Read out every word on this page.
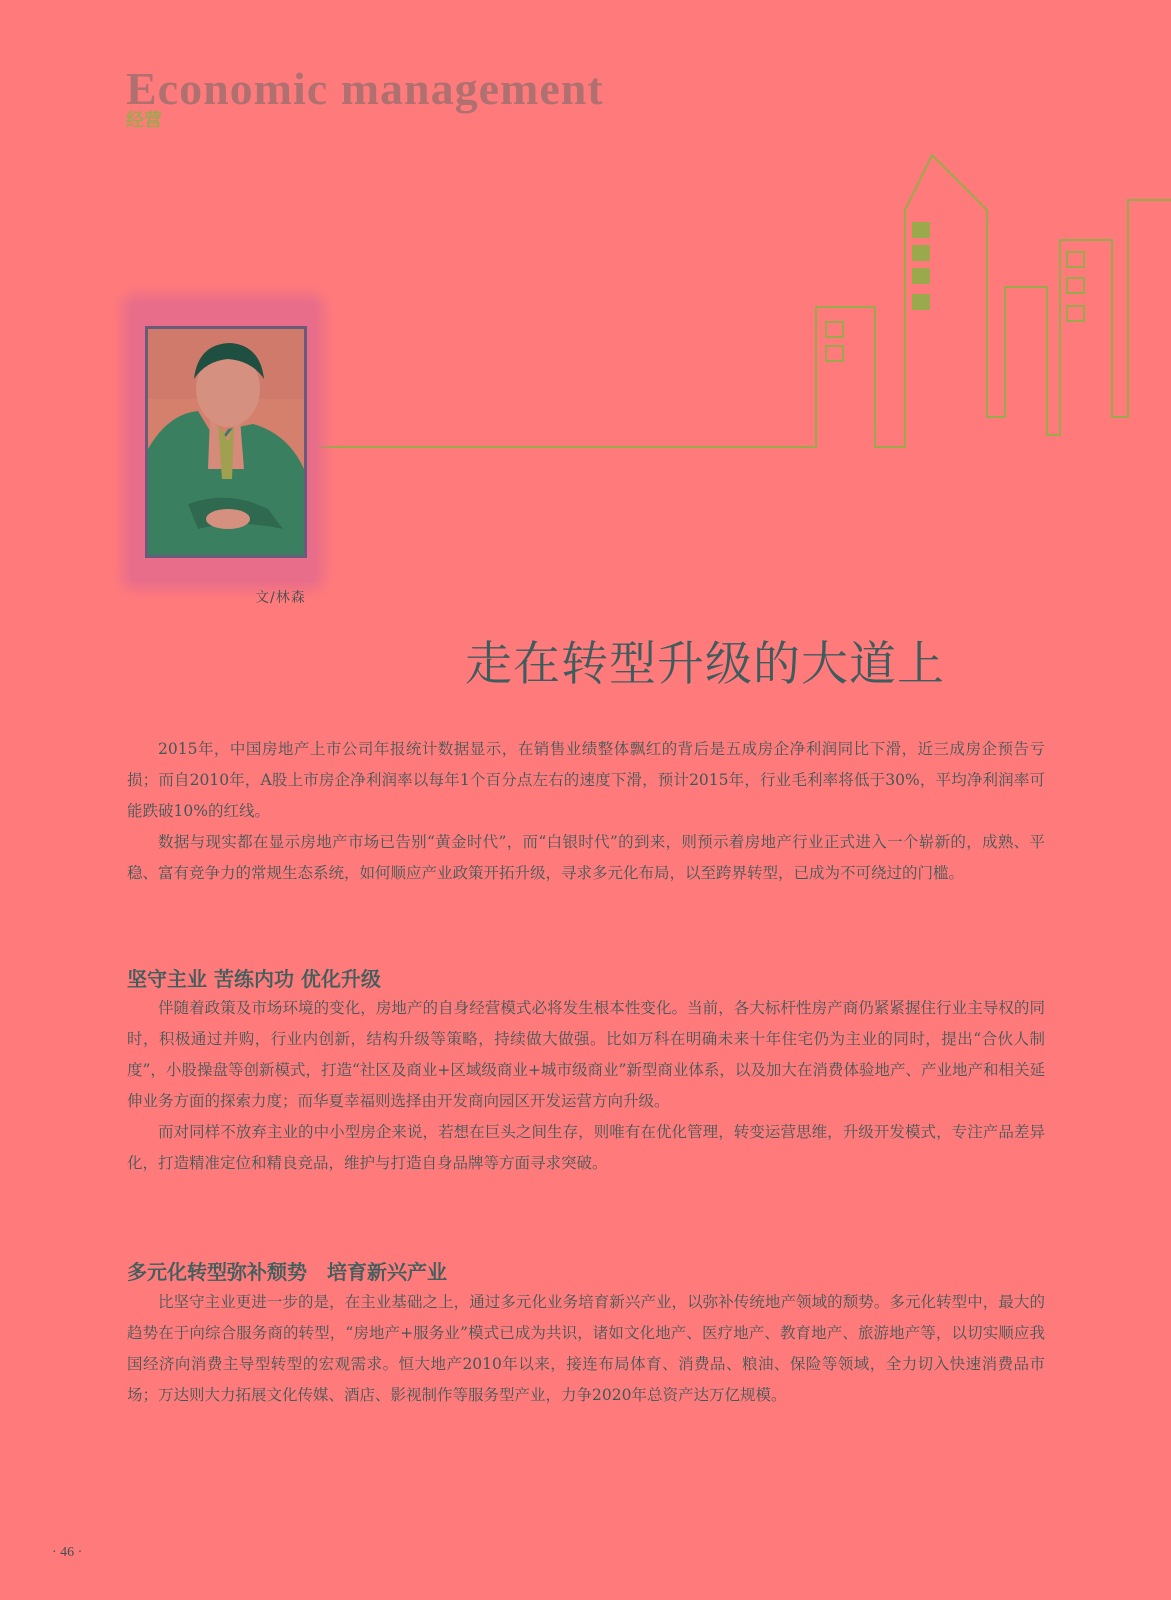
Economic management
经营
文/林森
走在转型升级的大道上

2015年，中国房地产上市公司年报统计数据显示，在销售业绩整体飘红的背后是五成房企净利润同比下滑，近三成房企预告亏损；而自2010年，A股上市房企净利润率以每年1个百分点左右的速度下滑，预计2015年，行业毛利率将低于30%，平均净利润率可能跌破10%的红线。

数据与现实都在显示房地产市场已告别“黄金时代”，而“白银时代”的到来，则预示着房地产行业正式进入一个崭新的，成熟、平稳、富有竞争力的常规生态系统，如何顺应产业政策开拓升级，寻求多元化布局，以至跨界转型，已成为不可绕过的门槛。

坚守主业 苦练内功 优化升级

伴随着政策及市场环境的变化，房地产的自身经营模式必将发生根本性变化。当前，各大标杆性房产商仍紧紧握住行业主导权的同时，积极通过并购，行业内创新，结构升级等策略，持续做大做强。比如万科在明确未来十年住宅仍为主业的同时，提出“合伙人制度”，小股操盘等创新模式，打造“社区及商业+区域级商业+城市级商业”新型商业体系，以及加大在消费体验地产、产业地产和相关延伸业务方面的探索力度；而华夏幸福则选择由开发商向园区开发运营方向升级。

而对同样不放弃主业的中小型房企来说，若想在巨头之间生存，则唯有在优化管理，转变运营思维，升级开发模式，专注产品差异化，打造精准定位和精良竞品，维护与打造自身品牌等方面寻求突破。

多元化转型弥补颓势　培育新兴产业

比坚守主业更进一步的是，在主业基础之上，通过多元化业务培育新兴产业，以弥补传统地产领域的颓势。多元化转型中，最大的趋势在于向综合服务商的转型，“房地产+服务业”模式已成为共识，诸如文化地产、医疗地产、教育地产、旅游地产等，以切实顺应我国经济向消费主导型转型的宏观需求。恒大地产2010年以来，接连布局体育、消费品、粮油、保险等领域，全力切入快速消费品市场；万达则大力拓展文化传媒、酒店、影视制作等服务型产业，力争2020年总资产达万亿规模。

· 46 ·
